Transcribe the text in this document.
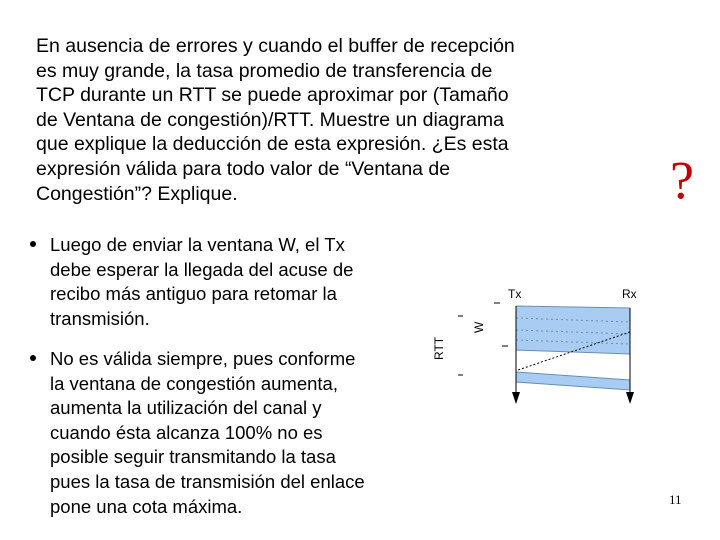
En ausencia de errores y cuando el buffer de recepción
es muy grande, la tasa promedio de transferencia de
TCP durante un RTT se puede aproximar por (Tamaño
de Ventana de congestión)/RTT. Muestre un diagrama
que explique la deducción de esta expresión. ¿Es esta
expresión válida para todo valor de “Ventana de
Congestión”? Explique.	?
Luego de enviar la ventana W, el Tx
debe esperar la llegada del acuse de
recibo más antiguo para retomar la
transmisión.
No es válida siempre, pues conforme
la ventana de congestión aumenta,
aumenta la utilización del canal y
cuando ésta alcanza 100% no es
posible seguir transmitando la tasa
pues la tasa de transmisión del enlace
pone una cota máxima.
Tx	Rx
RTT
W
11
